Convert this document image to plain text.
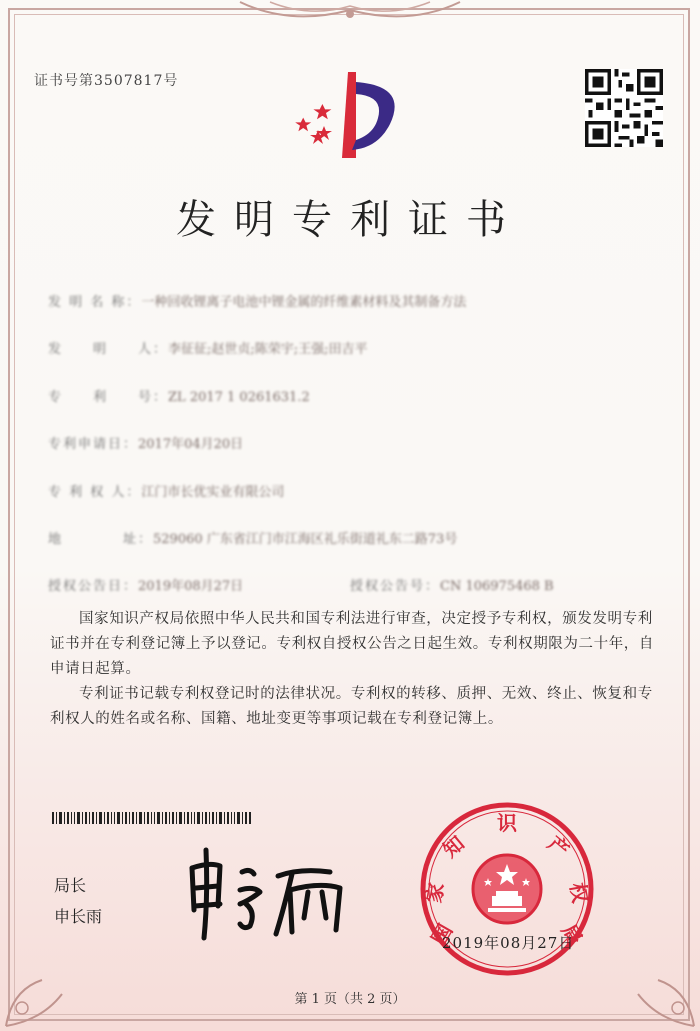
证书号第3507817号
发明专利证书
发 明 名 称：一种回收锂离子电池中锂金属的纤维素材料及其制备方法
发　　明　　人：李征征;赵世贞;陈荣宇;王强;田吉平
专　　利　　号：ZL 2017 1 0261631.2
专利申请日：2017年04月20日
专 利 权 人：江门市长优实业有限公司
地　　　　址：529060 广东省江门市江海区礼乐街道礼东二路73号
授权公告日：2019年08月27日	授权公告号：CN 106975468 B
国家知识产权局依照中华人民共和国专利法进行审查，决定授予专利权，颁发发明专利证书并在专利登记簿上予以登记。专利权自授权公告之日起生效。专利权期限为二十年，自申请日起算。
专利证书记载专利权登记时的法律状况。专利权的转移、质押、无效、终止、恢复和专利权人的姓名或名称、国籍、地址变更等事项记载在专利登记簿上。
局长
申长雨
国
家
知
识
产
权
局
2019年08月27日
第 1 页（共 2 页）
